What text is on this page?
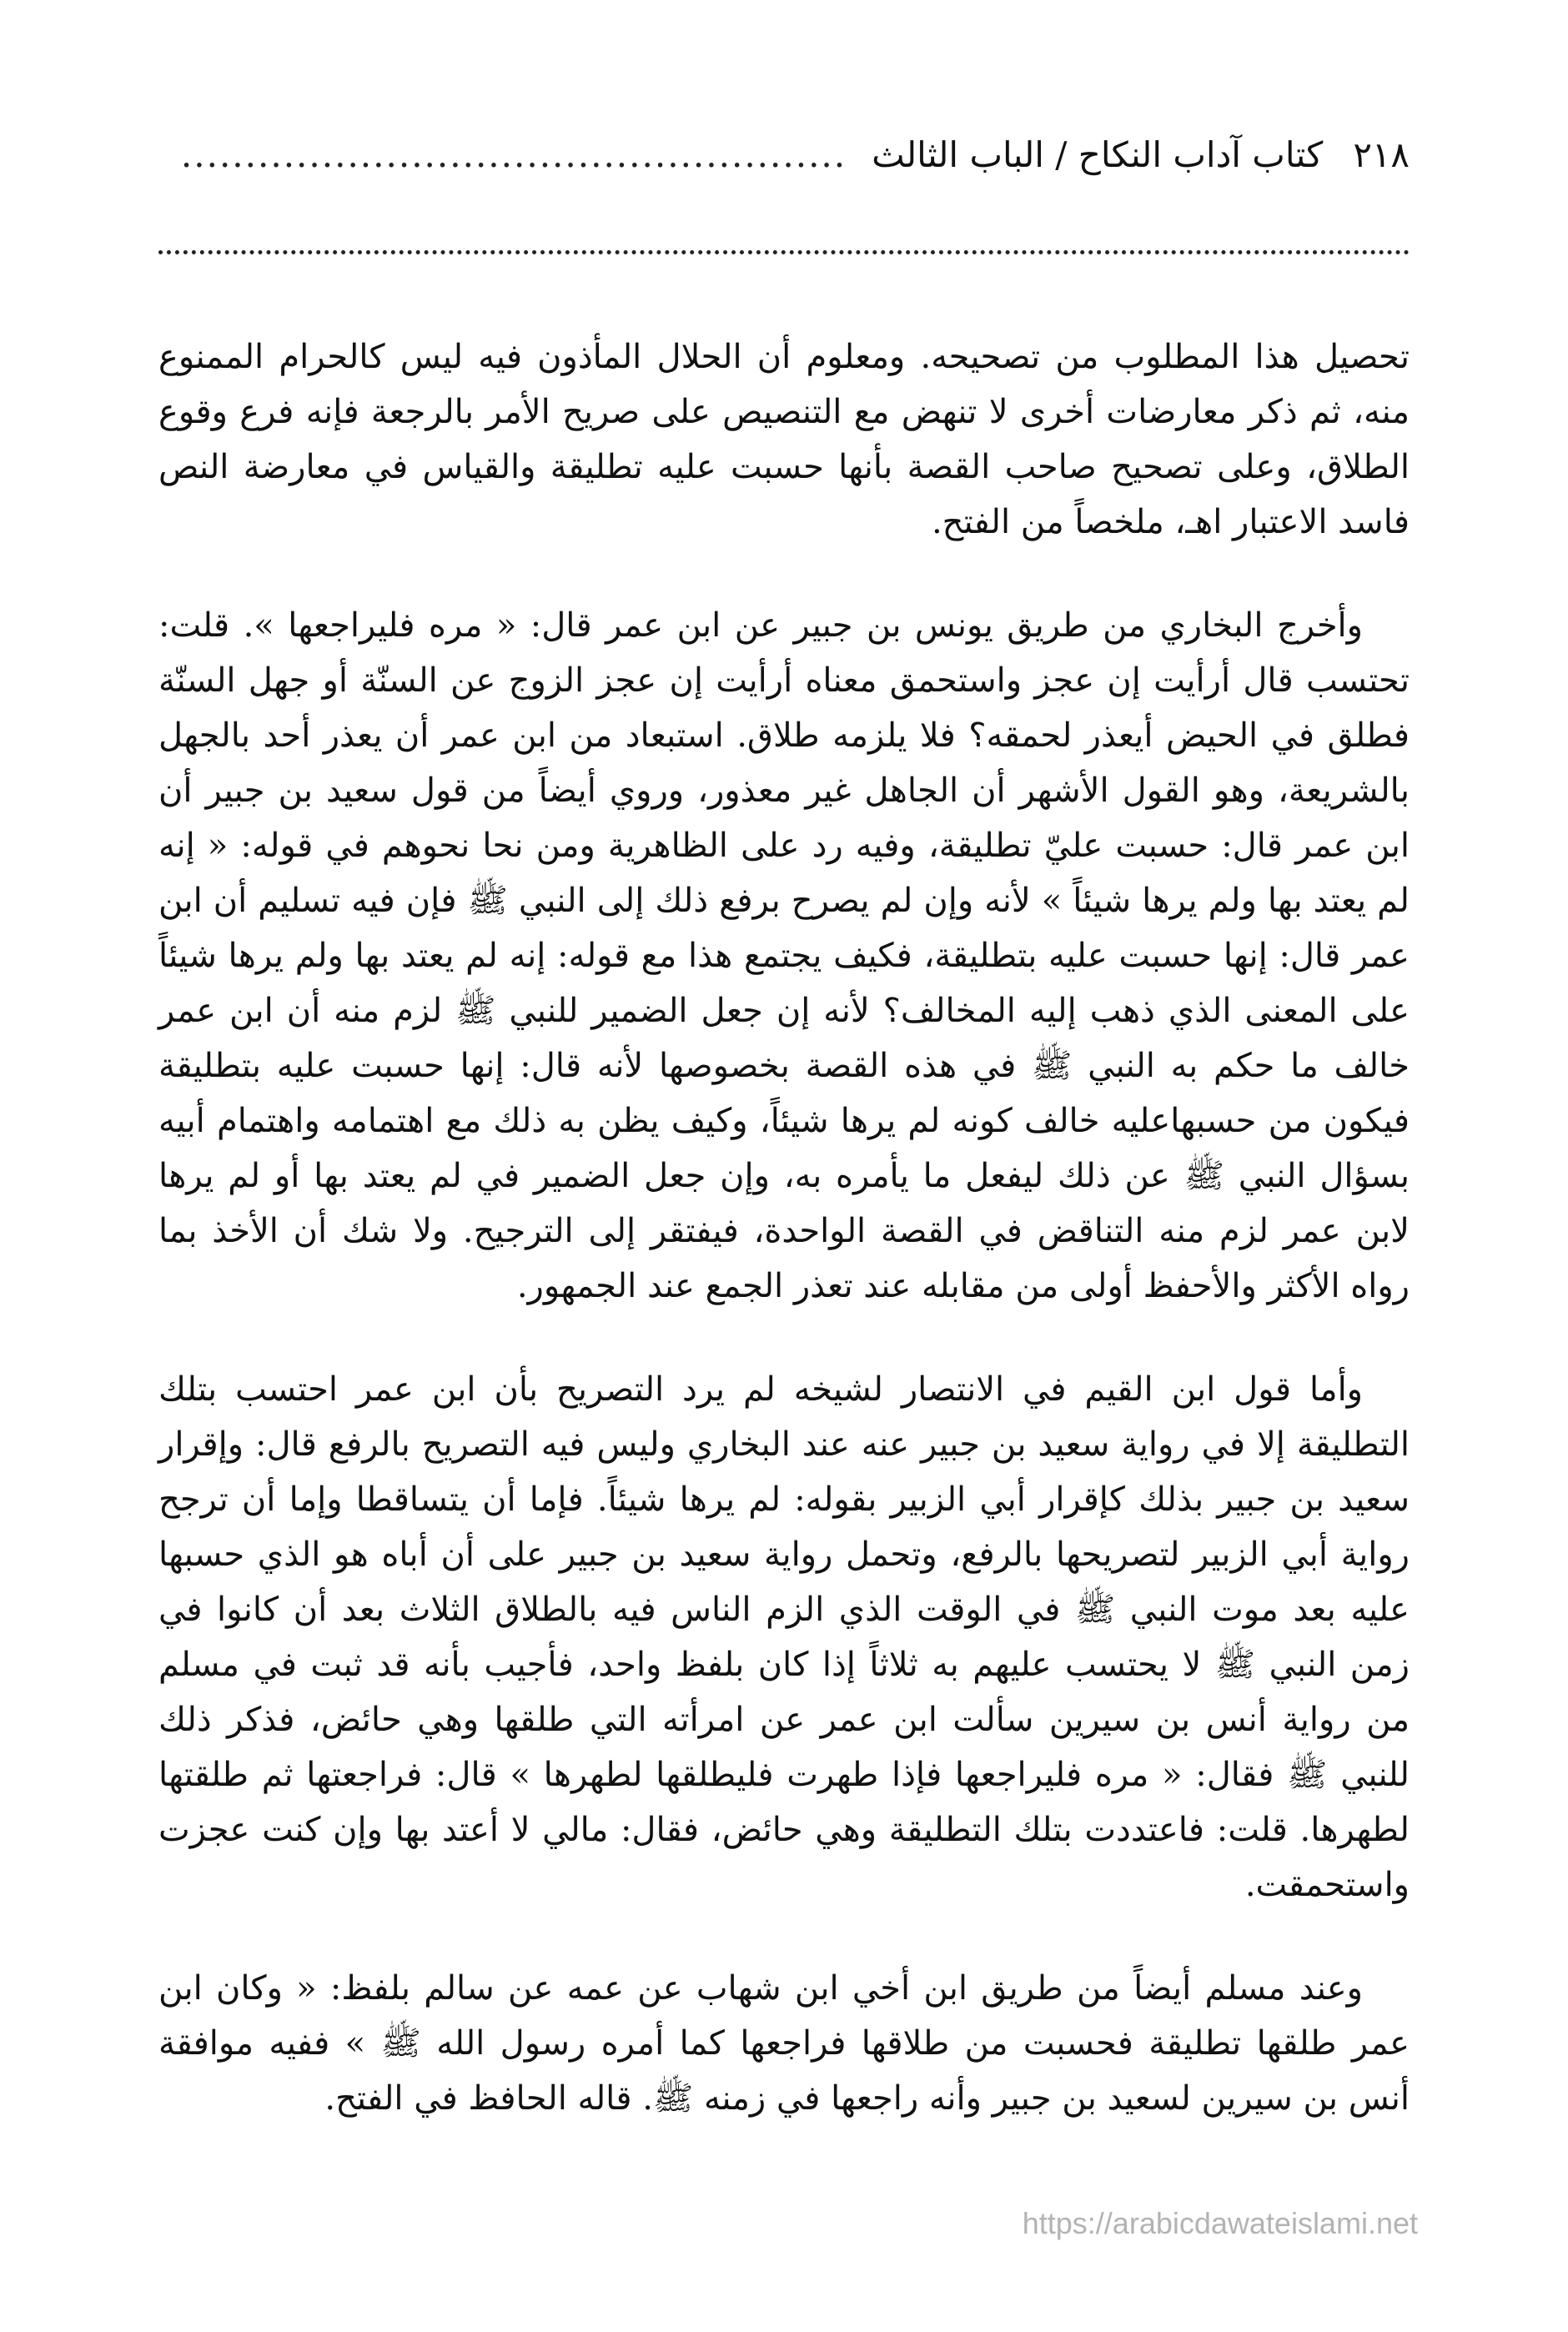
٢١٨
كتاب آداب النكاح / الباب الثالث
....................................................

تحصيل هذا المطلوب من تصحيحه. ومعلوم أن الحلال المأذون فيه ليس كالحرام الممنوع منه، ثم ذكر معارضات أخرى لا تنهض مع التنصيص على صريح الأمر بالرجعة فإنه فرع وقوع الطلاق، وعلى تصحيح صاحب القصة بأنها حسبت عليه تطليقة والقياس في معارضة النص فاسد الاعتبار اهـ، ملخصاً من الفتح.

وأخرج البخاري من طريق يونس بن جبير عن ابن عمر قال: « مره فليراجعها ». قلت: تحتسب قال أرأيت إن عجز واستحمق معناه أرأيت إن عجز الزوج عن السنّة أو جهل السنّة فطلق في الحيض أيعذر لحمقه؟ فلا يلزمه طلاق. استبعاد من ابن عمر أن يعذر أحد بالجهل بالشريعة، وهو القول الأشهر أن الجاهل غير معذور، وروي أيضاً من قول سعيد بن جبير أن ابن عمر قال: حسبت عليّ تطليقة، وفيه رد على الظاهرية ومن نحا نحوهم في قوله: « إنه لم يعتد بها ولم يرها شيئاً » لأنه وإن لم يصرح برفع ذلك إلى النبي ﷺ فإن فيه تسليم أن ابن عمر قال: إنها حسبت عليه بتطليقة، فكيف يجتمع هذا مع قوله: إنه لم يعتد بها ولم يرها شيئاً على المعنى الذي ذهب إليه المخالف؟ لأنه إن جعل الضمير للنبي ﷺ لزم منه أن ابن عمر خالف ما حكم به النبي ﷺ في هذه القصة بخصوصها لأنه قال: إنها حسبت عليه بتطليقة فيكون من حسبهاعليه خالف كونه لم يرها شيئاً، وكيف يظن به ذلك مع اهتمامه واهتمام أبيه بسؤال النبي ﷺ عن ذلك ليفعل ما يأمره به، وإن جعل الضمير في لم يعتد بها أو لم يرها لابن عمر لزم منه التناقض في القصة الواحدة، فيفتقر إلى الترجيح. ولا شك أن الأخذ بما رواه الأكثر والأحفظ أولى من مقابله عند تعذر الجمع عند الجمهور.

وأما قول ابن القيم في الانتصار لشيخه لم يرد التصريح بأن ابن عمر احتسب بتلك التطليقة إلا في رواية سعيد بن جبير عنه عند البخاري وليس فيه التصريح بالرفع قال: وإقرار سعيد بن جبير بذلك كإقرار أبي الزبير بقوله: لم يرها شيئاً. فإما أن يتساقطا وإما أن ترجح رواية أبي الزبير لتصريحها بالرفع، وتحمل رواية سعيد بن جبير على أن أباه هو الذي حسبها عليه بعد موت النبي ﷺ في الوقت الذي الزم الناس فيه بالطلاق الثلاث بعد أن كانوا في زمن النبي ﷺ لا يحتسب عليهم به ثلاثاً إذا كان بلفظ واحد، فأجيب بأنه قد ثبت في مسلم من رواية أنس بن سيرين سألت ابن عمر عن امرأته التي طلقها وهي حائض، فذكر ذلك للنبي ﷺ فقال: « مره فليراجعها فإذا طهرت فليطلقها لطهرها » قال: فراجعتها ثم طلقتها لطهرها. قلت: فاعتددت بتلك التطليقة وهي حائض، فقال: مالي لا أعتد بها وإن كنت عجزت واستحمقت.

وعند مسلم أيضاً من طريق ابن أخي ابن شهاب عن عمه عن سالم بلفظ: « وكان ابن عمر طلقها تطليقة فحسبت من طلاقها فراجعها كما أمره رسول الله ﷺ » ففيه موافقة أنس بن سيرين لسعيد بن جبير وأنه راجعها في زمنه ﷺ. قاله الحافظ في الفتح.

https://arabicdawateislami.net
